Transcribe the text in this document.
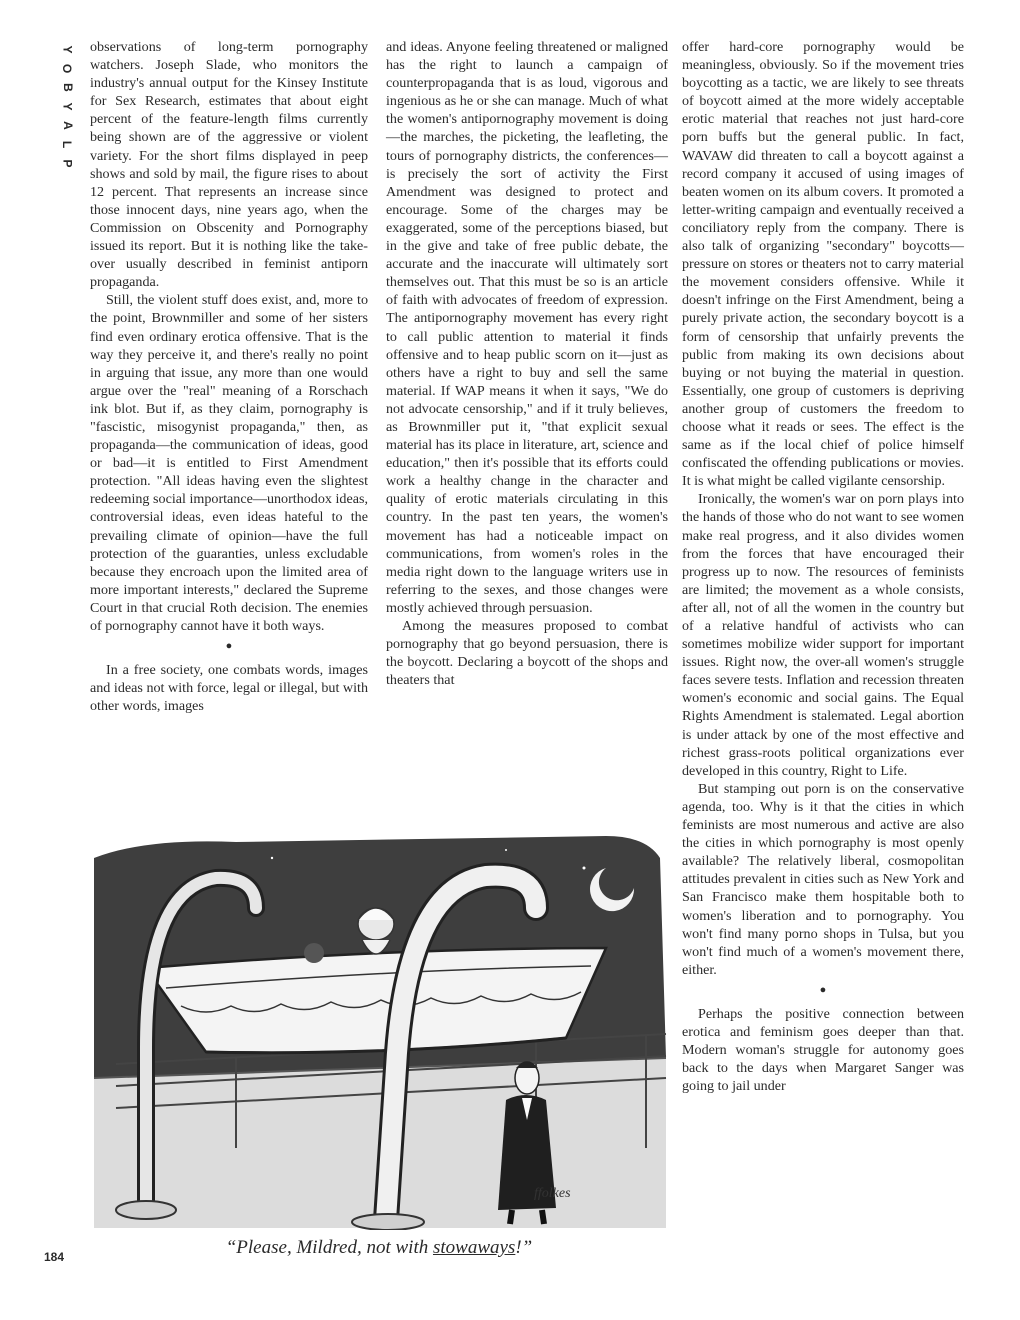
Y
O
B
Y
A
L
P

observations of long-term pornography watchers. Joseph Slade, who monitors the industry's annual output for the Kinsey Institute for Sex Research, estimates that about eight percent of the feature-length films currently being shown are of the aggressive or violent variety. For the short films displayed in peep shows and sold by mail, the figure rises to about 12 percent. That represents an increase since those innocent days, nine years ago, when the Commission on Obscenity and Pornography issued its report. But it is nothing like the take-over usually described in feminist antiporn propaganda.

Still, the violent stuff does exist, and, more to the point, Brownmiller and some of her sisters find even ordinary erotica offensive. That is the way they perceive it, and there's really no point in arguing that issue, any more than one would argue over the "real" meaning of a Rorschach ink blot. But if, as they claim, pornography is "fascistic, misogynist propaganda," then, as propaganda—the communication of ideas, good or bad—it is entitled to First Amendment protection. "All ideas having even the slightest redeeming social importance—unorthodox ideas, controversial ideas, even ideas hateful to the prevailing climate of opinion—have the full protection of the guaranties, unless excludable because they encroach upon the limited area of more important interests," declared the Supreme Court in that crucial Roth decision. The enemies of pornography cannot have it both ways.

●

In a free society, one combats words, images and ideas not with force, legal or illegal, but with other words, images

and ideas. Anyone feeling threatened or maligned has the right to launch a campaign of counterpropaganda that is as loud, vigorous and ingenious as he or she can manage. Much of what the women's antipornography movement is doing—the marches, the picketing, the leafleting, the tours of pornography districts, the conferences—is precisely the sort of activity the First Amendment was designed to protect and encourage. Some of the charges may be exaggerated, some of the perceptions biased, but in the give and take of free public debate, the accurate and the inaccurate will ultimately sort themselves out. That this must be so is an article of faith with advocates of freedom of expression. The antipornography movement has every right to call public attention to material it finds offensive and to heap public scorn on it—just as others have a right to buy and sell the same material. If WAP means it when it says, "We do not advocate censorship," and if it truly believes, as Brownmiller put it, "that explicit sexual material has its place in literature, art, science and education," then it's possible that its efforts could work a healthy change in the character and quality of erotic materials circulating in this country. In the past ten years, the women's movement has had a noticeable impact on communications, from women's roles in the media right down to the language writers use in referring to the sexes, and those changes were mostly achieved through persuasion.

Among the measures proposed to combat pornography that go beyond persuasion, there is the boycott. Declaring a boycott of the shops and theaters that

offer hard-core pornography would be meaningless, obviously. So if the movement tries boycotting as a tactic, we are likely to see threats of boycott aimed at the more widely acceptable erotic material that reaches not just hard-core porn buffs but the general public. In fact, WAVAW did threaten to call a boycott against a record company it accused of using images of beaten women on its album covers. It promoted a letter-writing campaign and eventually received a conciliatory reply from the company. There is also talk of organizing "secondary" boycotts—pressure on stores or theaters not to carry material the movement considers offensive. While it doesn't infringe on the First Amendment, being a purely private action, the secondary boycott is a form of censorship that unfairly prevents the public from making its own decisions about buying or not buying the material in question. Essentially, one group of customers is depriving another group of customers the freedom to choose what it reads or sees. The effect is the same as if the local chief of police himself confiscated the offending publications or movies. It is what might be called vigilante censorship.

Ironically, the women's war on porn plays into the hands of those who do not want to see women make real progress, and it also divides women from the forces that have encouraged their progress up to now. The resources of feminists are limited; the movement as a whole consists, after all, not of all the women in the country but of a relative handful of activists who can sometimes mobilize wider support for important issues. Right now, the over-all women's struggle faces severe tests. Inflation and recession threaten women's economic and social gains. The Equal Rights Amendment is stalemated. Legal abortion is under attack by one of the most effective and richest grass-roots political organizations ever developed in this country, Right to Life.

But stamping out porn is on the conservative agenda, too. Why is it that the cities in which feminists are most numerous and active are also the cities in which pornography is most openly available? The relatively liberal, cosmopolitan attitudes prevalent in cities such as New York and San Francisco make them hospitable both to women's liberation and to pornography. You won't find many porno shops in Tulsa, but you won't find much of a women's movement there, either.

●

Perhaps the positive connection between erotica and feminism goes deeper than that. Modern woman's struggle for autonomy goes back to the days when Margaret Sanger was going to jail under

ffolkes
“Please, Mildred, not with stowaways!”
184
